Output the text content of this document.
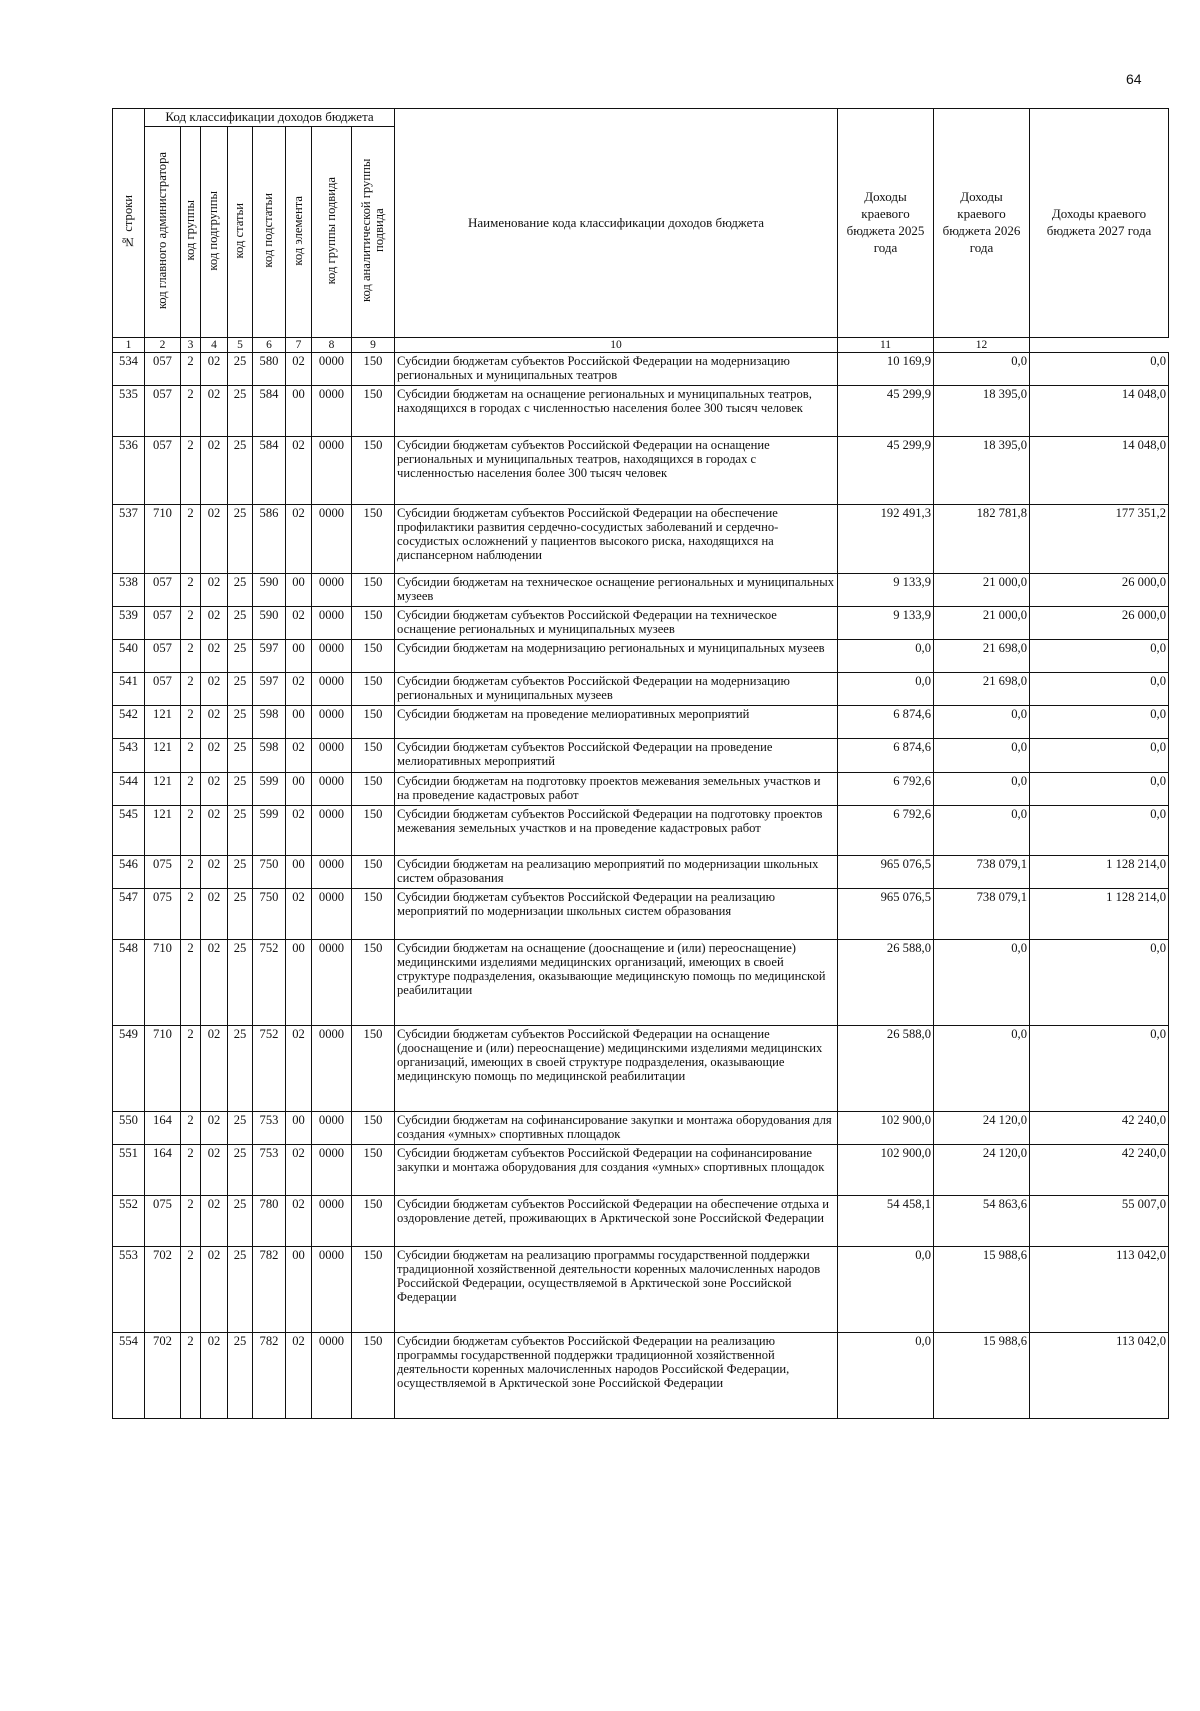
64
№ строки	Код классификации доходов бюджета								Наименование кода классификации доходов бюджета	Доходы краевого бюджета 2025 года	Доходы краевого бюджета 2026 года	Доходы краевого бюджета 2027 года
	код главного администратора	код группы	код подгруппы	код статьи	код подстатьи	код элемента	код группы подвида	код аналитической группы подвида				
1	2	3	4	5	6	7	8	9	10	11	12	
534	057	2	02	25	580	02	0000	150	Субсидии бюджетам субъектов Российской Федерации на модернизацию региональных и муниципальных театров	10 169,9	0,0	0,0
535	057	2	02	25	584	00	0000	150	Субсидии бюджетам на оснащение региональных и муниципальных театров, находящихся в городах с численностью населения более 300 тысяч человек	45 299,9	18 395,0	14 048,0
536	057	2	02	25	584	02	0000	150	Субсидии бюджетам субъектов Российской Федерации на оснащение региональных и муниципальных театров, находящихся в городах с численностью населения более 300 тысяч человек	45 299,9	18 395,0	14 048,0
537	710	2	02	25	586	02	0000	150	Субсидии бюджетам субъектов Российской Федерации на обеспечение профилактики развития сердечно-сосудистых заболеваний и сердечно-сосудистых осложнений у пациентов высокого риска, находящихся на диспансерном наблюдении	192 491,3	182 781,8	177 351,2
538	057	2	02	25	590	00	0000	150	Субсидии бюджетам на техническое оснащение региональных и муниципальных музеев	9 133,9	21 000,0	26 000,0
539	057	2	02	25	590	02	0000	150	Субсидии бюджетам субъектов Российской Федерации на техническое оснащение региональных и муниципальных музеев	9 133,9	21 000,0	26 000,0
540	057	2	02	25	597	00	0000	150	Субсидии бюджетам на модернизацию региональных и муниципальных музеев	0,0	21 698,0	0,0
541	057	2	02	25	597	02	0000	150	Субсидии бюджетам субъектов Российской Федерации на модернизацию региональных и муниципальных музеев	0,0	21 698,0	0,0
542	121	2	02	25	598	00	0000	150	Субсидии бюджетам на проведение мелиоративных мероприятий	6 874,6	0,0	0,0
543	121	2	02	25	598	02	0000	150	Субсидии бюджетам субъектов Российской Федерации на проведение мелиоративных мероприятий	6 874,6	0,0	0,0
544	121	2	02	25	599	00	0000	150	Субсидии бюджетам на подготовку проектов межевания земельных участков и на проведение кадастровых работ	6 792,6	0,0	0,0
545	121	2	02	25	599	02	0000	150	Субсидии бюджетам субъектов Российской Федерации на подготовку проектов межевания земельных участков и на проведение кадастровых работ	6 792,6	0,0	0,0
546	075	2	02	25	750	00	0000	150	Субсидии бюджетам на реализацию мероприятий по модернизации школьных систем образования	965 076,5	738 079,1	1 128 214,0
547	075	2	02	25	750	02	0000	150	Субсидии бюджетам субъектов Российской Федерации на реализацию мероприятий по модернизации школьных систем образования	965 076,5	738 079,1	1 128 214,0
548	710	2	02	25	752	00	0000	150	Субсидии бюджетам на оснащение (дооснащение и (или) переоснащение) медицинскими изделиями медицинских организаций, имеющих в своей структуре подразделения, оказывающие медицинскую помощь по медицинской реабилитации	26 588,0	0,0	0,0
549	710	2	02	25	752	02	0000	150	Субсидии бюджетам субъектов Российской Федерации на оснащение (дооснащение и (или) переоснащение) медицинскими изделиями медицинских организаций, имеющих в своей структуре подразделения, оказывающие медицинскую помощь по медицинской реабилитации	26 588,0	0,0	0,0
550	164	2	02	25	753	00	0000	150	Субсидии бюджетам на софинансирование закупки и монтажа оборудования для создания «умных» спортивных площадок	102 900,0	24 120,0	42 240,0
551	164	2	02	25	753	02	0000	150	Субсидии бюджетам субъектов Российской Федерации на софинансирование закупки и монтажа оборудования для создания «умных» спортивных площадок	102 900,0	24 120,0	42 240,0
552	075	2	02	25	780	02	0000	150	Субсидии бюджетам субъектов Российской Федерации на обеспечение отдыха и оздоровление детей, проживающих в Арктической зоне Российской Федерации	54 458,1	54 863,6	55 007,0
553	702	2	02	25	782	00	0000	150	Субсидии бюджетам на реализацию программы государственной поддержки традиционной хозяйственной деятельности коренных малочисленных народов Российской Федерации, осуществляемой в Арктической зоне Российской Федерации	0,0	15 988,6	113 042,0
554	702	2	02	25	782	02	0000	150	Субсидии бюджетам субъектов Российской Федерации на реализацию программы государственной поддержки традиционной хозяйственной деятельности коренных малочисленных народов Российской Федерации, осуществляемой в Арктической зоне Российской Федерации	0,0	15 988,6	113 042,0
